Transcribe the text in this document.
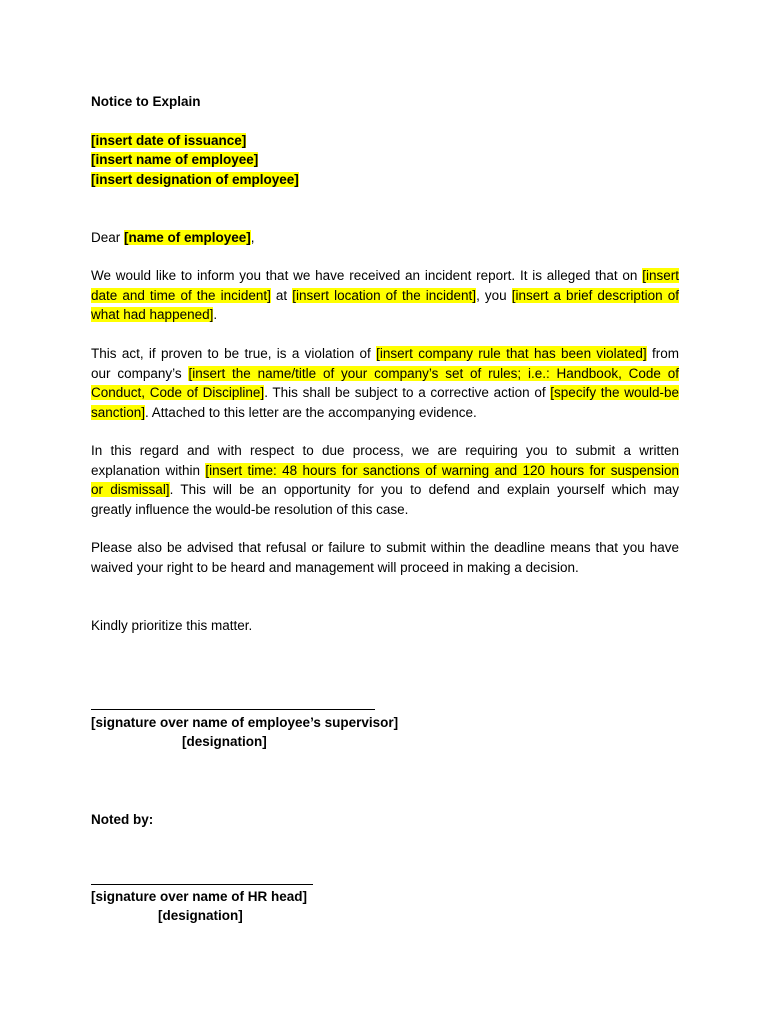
Notice to Explain
[insert date of issuance]
[insert name of employee]
[insert designation of employee]
Dear [name of employee],
We would like to inform you that we have received an incident report. It is alleged that on [insert
date and time of the incident] at [insert location of the incident], you [insert a brief description of
what had happened].
This act, if proven to be true, is a violation of [insert company rule that has been violated] from
our company’s [insert the name/title of your company’s set of rules; i.e.: Handbook, Code of
Conduct, Code of Discipline]. This shall be subject to a corrective action of [specify the would-be
sanction]. Attached to this letter are the accompanying evidence.
In this regard and with respect to due process, we are requiring you to submit a written
explanation within [insert time: 48 hours for sanctions of warning and 120 hours for suspension
or dismissal]. This will be an opportunity for you to defend and explain yourself which may
greatly influence the would-be resolution of this case.
Please also be advised that refusal or failure to submit within the deadline means that you have
waived your right to be heard and management will proceed in making a decision.
Kindly prioritize this matter.
[signature over name of employee’s supervisor]
[designation]
Noted by:
[signature over name of HR head]
[designation]
